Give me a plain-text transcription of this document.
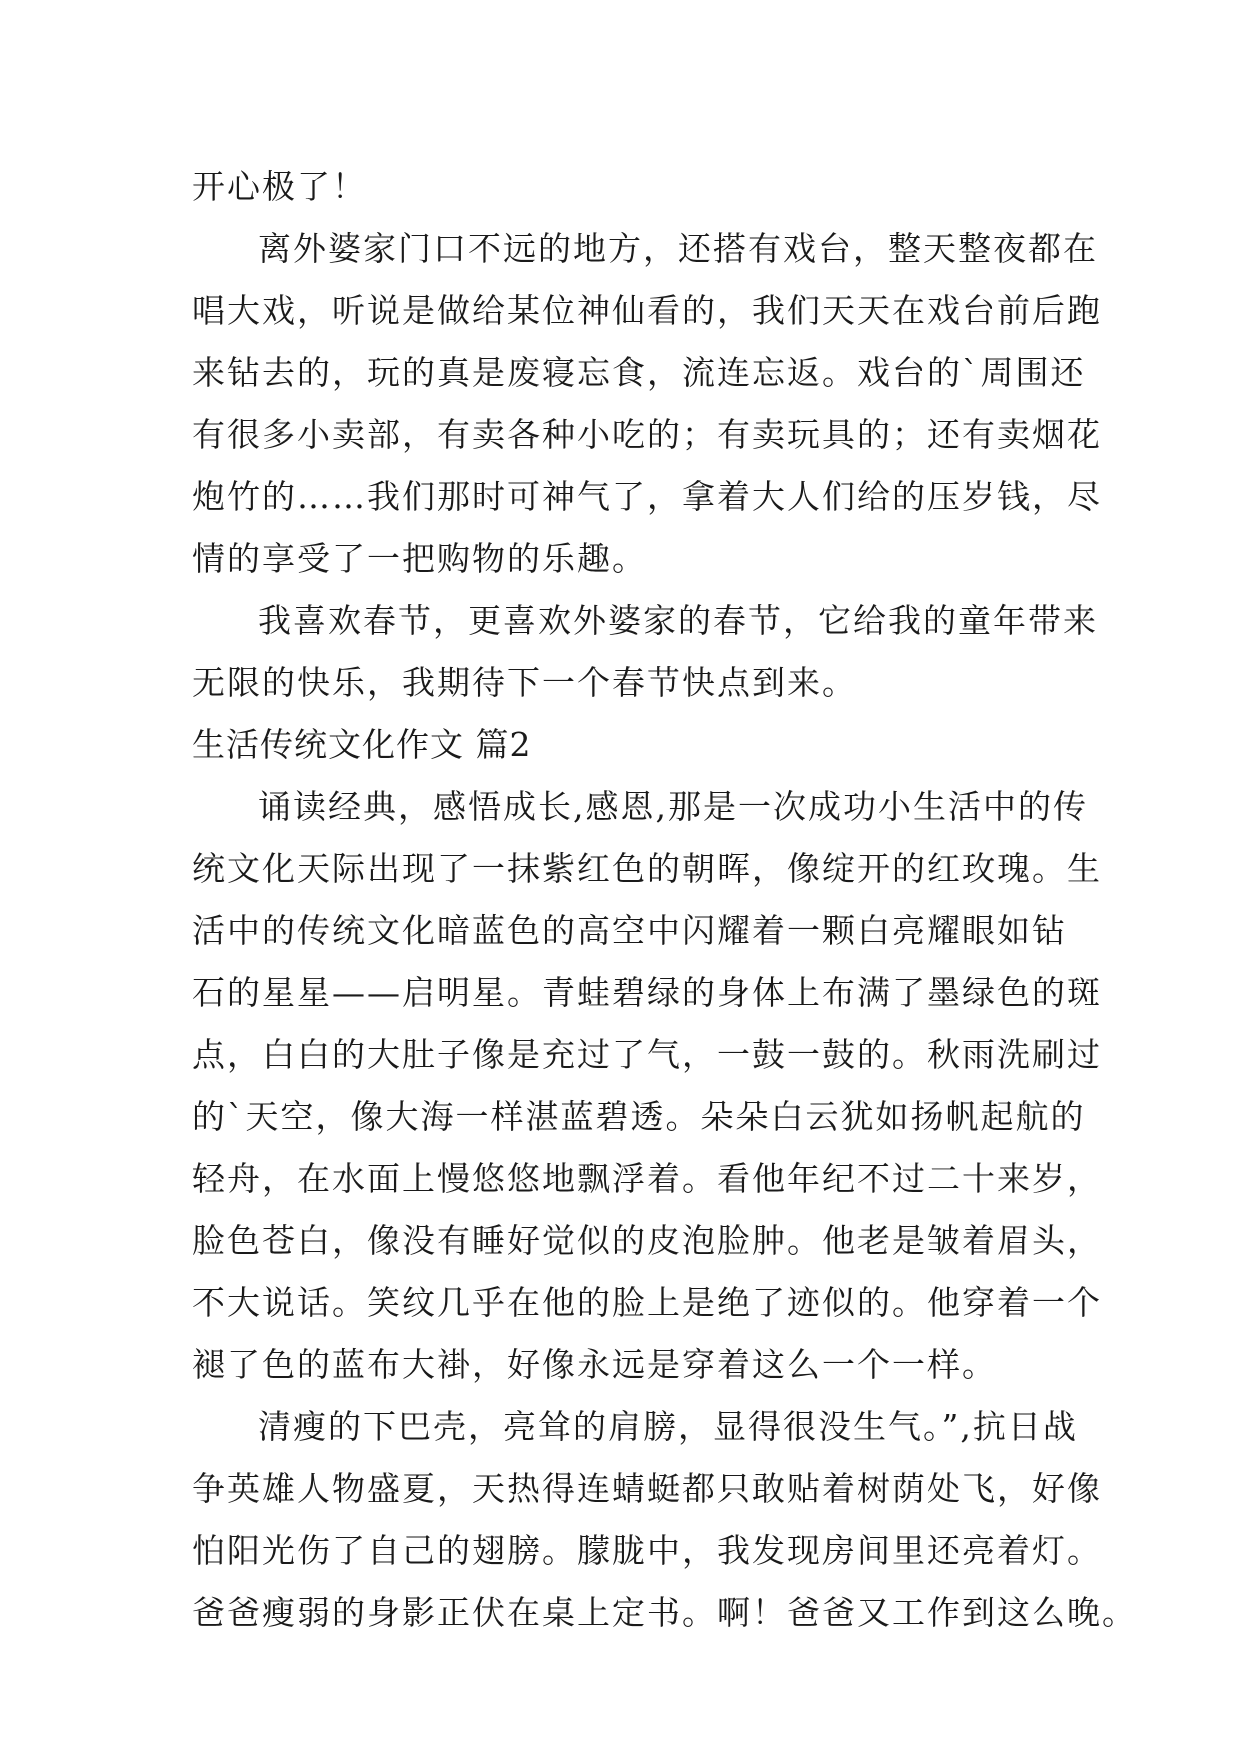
开心极了！
离外婆家门口不远的地方，还搭有戏台，整天整夜都在
唱大戏，听说是做给某位神仙看的，我们天天在戏台前后跑
来钻去的，玩的真是废寝忘食，流连忘返。戏台的`周围还
有很多小卖部，有卖各种小吃的；有卖玩具的；还有卖烟花
炮竹的……我们那时可神气了，拿着大人们给的压岁钱，尽
情的享受了一把购物的乐趣。
我喜欢春节，更喜欢外婆家的春节，它给我的童年带来
无限的快乐，我期待下一个春节快点到来。
生活传统文化作文 篇2
诵读经典，感悟成长,感恩,那是一次成功小生活中的传
统文化天际出现了一抹紫红色的朝晖，像绽开的红玫瑰。生
活中的传统文化暗蓝色的高空中闪耀着一颗白亮耀眼如钻
石的星星——启明星。青蛙碧绿的身体上布满了墨绿色的斑
点，白白的大肚子像是充过了气，一鼓一鼓的。秋雨洗刷过
的`天空，像大海一样湛蓝碧透。朵朵白云犹如扬帆起航的
轻舟，在水面上慢悠悠地飘浮着。看他年纪不过二十来岁，
脸色苍白，像没有睡好觉似的皮泡脸肿。他老是皱着眉头，
不大说话。笑纹几乎在他的脸上是绝了迹似的。他穿着一个
褪了色的蓝布大褂，好像永远是穿着这么一个一样。
清瘦的下巴壳，亮耸的肩膀，显得很没生气。”,抗日战
争英雄人物盛夏，天热得连蜻蜓都只敢贴着树荫处飞，好像
怕阳光伤了自己的翅膀。朦胧中，我发现房间里还亮着灯。
爸爸瘦弱的身影正伏在桌上定书。啊！爸爸又工作到这么晚。
